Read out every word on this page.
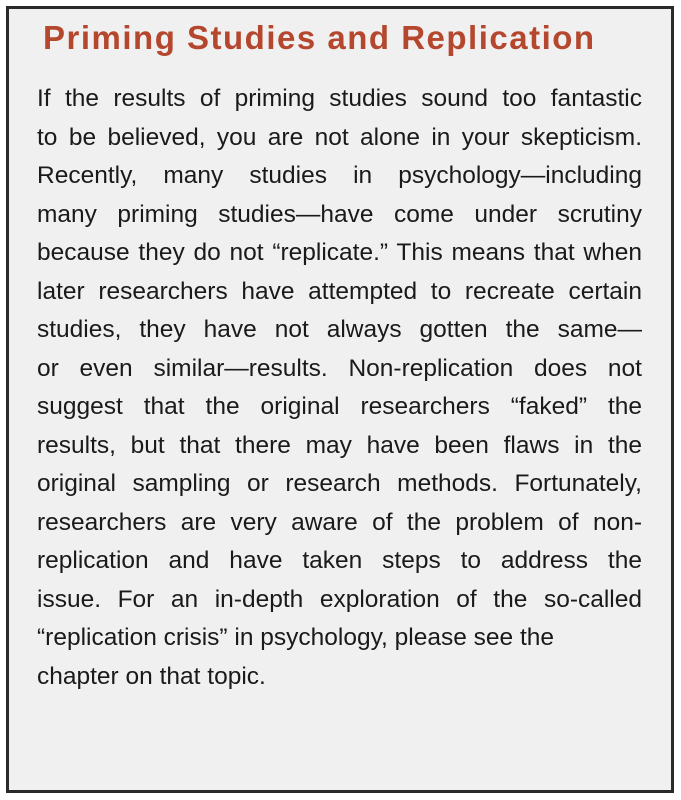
Priming Studies and Replication
If the results of priming studies sound too fantastic
to be believed, you are not alone in your skepticism.
Recently, many studies in psychology—including
many priming studies—have come under scrutiny
because they do not “replicate.” This means that when
later researchers have attempted to recreate certain
studies, they have not always gotten the same—
or even similar—results. Non-replication does not
suggest that the original researchers “faked” the
results, but that there may have been flaws in the
original sampling or research methods. Fortunately,
researchers are very aware of the problem of non-
replication and have taken steps to address the
issue. For an in-depth exploration of the so-called
“replication crisis” in psychology, please see the
chapter on that topic.
